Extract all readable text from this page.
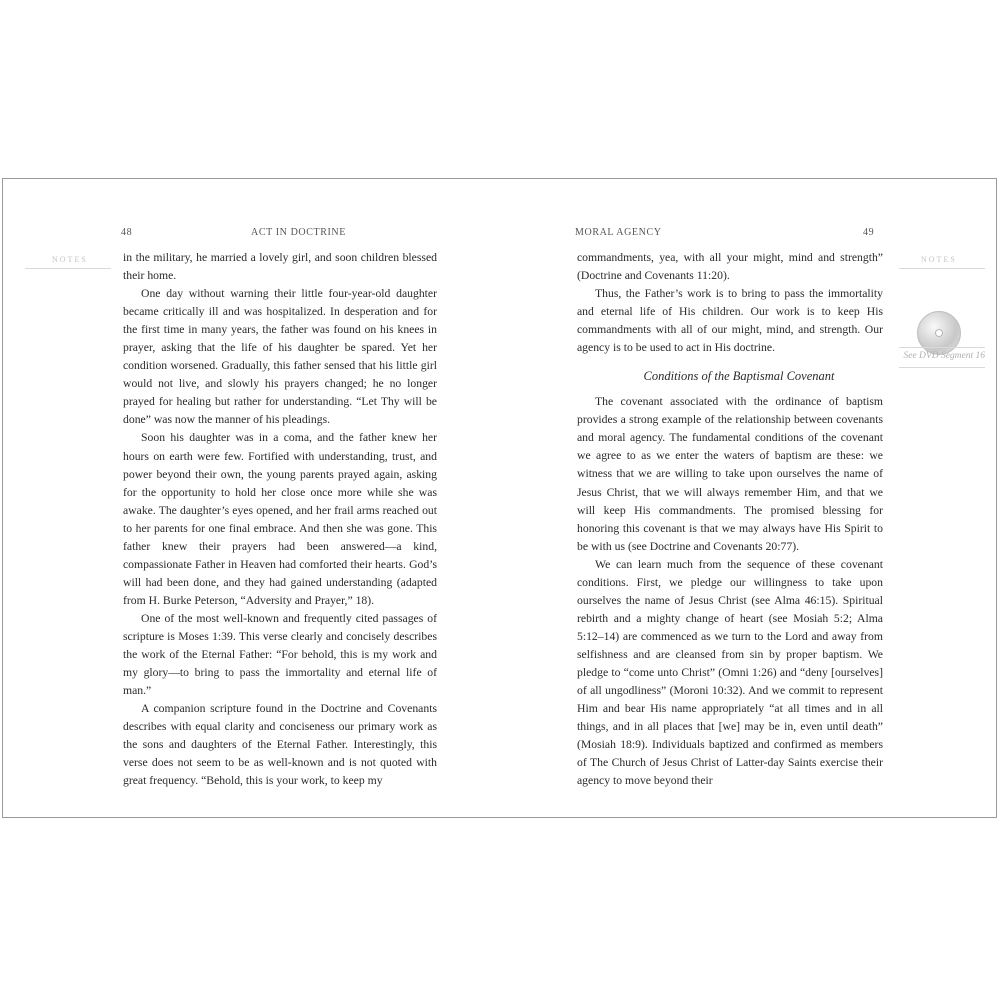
48	ACT IN DOCTRINE
NOTES	in the military, he married a lovely girl, and soon children blessed their home.

One day without warning their little four-year-old daughter became critically ill and was hospitalized. In desperation and for the first time in many years, the father was found on his knees in prayer, asking that the life of his daughter be spared. Yet her condition worsened. Gradually, this father sensed that his little girl would not live, and slowly his prayers changed; he no longer prayed for healing but rather for understanding. “Let Thy will be done” was now the manner of his pleadings.

Soon his daughter was in a coma, and the father knew her hours on earth were few. Fortified with understanding, trust, and power beyond their own, the young parents prayed again, asking for the opportunity to hold her close once more while she was awake. The daughter’s eyes opened, and her frail arms reached out to her parents for one final embrace. And then she was gone. This father knew their prayers had been answered—a kind, compassionate Father in Heaven had comforted their hearts. God’s will had been done, and they had gained understanding (adapted from H. Burke Peterson, “Adversity and Prayer,” 18).

One of the most well-known and frequently cited passages of scripture is Moses 1:39. This verse clearly and concisely describes the work of the Eternal Father: “For behold, this is my work and my glory—to bring to pass the immortality and eternal life of man.”

A companion scripture found in the Doctrine and Covenants describes with equal clarity and conciseness our primary work as the sons and daughters of the Eternal Father. Interestingly, this verse does not seem to be as well-known and is not quoted with great frequency. “Behold, this is your work, to keep my

MORAL AGENCY	49
NOTES
See DVD Segment 16

commandments, yea, with all your might, mind and strength” (Doctrine and Covenants 11:20).

Thus, the Father’s work is to bring to pass the immortality and eternal life of His children. Our work is to keep His commandments with all of our might, mind, and strength. Our agency is to be used to act in His doctrine.

Conditions of the Baptismal Covenant

The covenant associated with the ordinance of baptism provides a strong example of the relationship between covenants and moral agency. The fundamental conditions of the covenant we agree to as we enter the waters of baptism are these: we witness that we are willing to take upon ourselves the name of Jesus Christ, that we will always remember Him, and that we will keep His commandments. The promised blessing for honoring this covenant is that we may always have His Spirit to be with us (see Doctrine and Covenants 20:77).

We can learn much from the sequence of these covenant conditions. First, we pledge our willingness to take upon ourselves the name of Jesus Christ (see Alma 46:15). Spiritual rebirth and a mighty change of heart (see Mosiah 5:2; Alma 5:12–14) are commenced as we turn to the Lord and away from selfishness and are cleansed from sin by proper baptism. We pledge to “come unto Christ” (Omni 1:26) and “deny [ourselves] of all ungodliness” (Moroni 10:32). And we commit to represent Him and bear His name appropriately “at all times and in all things, and in all places that [we] may be in, even until death” (Mosiah 18:9). Individuals baptized and confirmed as members of The Church of Jesus Christ of Latter-day Saints exercise their agency to move beyond their
